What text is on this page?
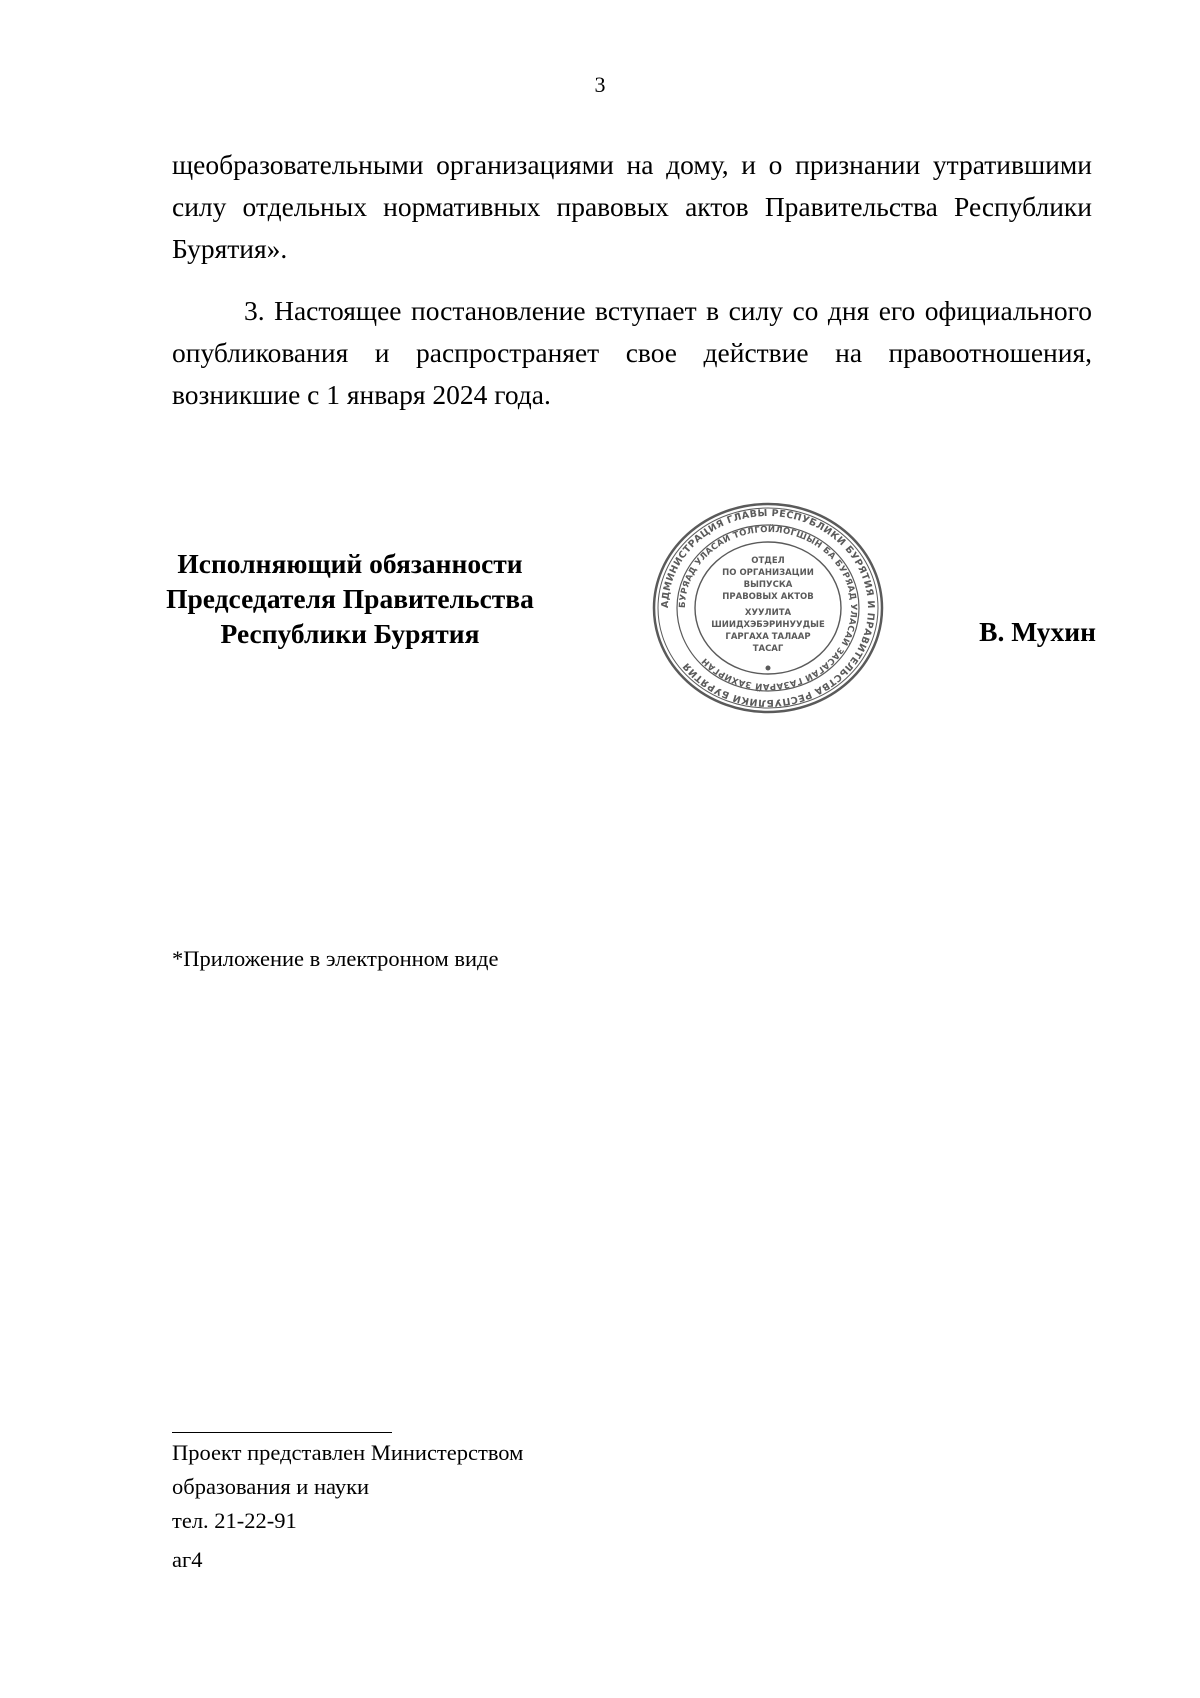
3

щеобразовательными организациями на дому, и о признании утратившими силу отдельных нормативных правовых актов Правительства Республики Бурятия».

3. Настоящее постановление вступает в силу со дня его официального опубликования и распространяет свое действие на правоотношения, возникшие с 1 января 2024 года.

Исполняющий обязанности
Председателя Правительства
Республики Бурятия
АДМИНИСТРАЦИЯ ГЛАВЫ РЕСПУБЛИКИ БУРЯТИЯ И ПРАВИТЕЛЬСТВА РЕСПУБЛИКИ БУРЯТИЯ
БУРЯАД УЛАСАЙ ТОЛГОЙЛОГШЫН БА БУРЯАД УЛАСАЙ ЗАСАГАЙ ГАЗАРАЙ ЗАХИРГАН
ОТДЕЛ
ПО ОРГАНИЗАЦИИ
ВЫПУСКА
ПРАВОВЫХ АКТОВ
ХУУЛИТА
ШИИДХЭБЭРИНУУДЫЕ
ГАРГАХА ТАЛААР
ТАСАГ
В. Мухин
*Приложение в электронном виде
Проект представлен Министерством
образования и науки
тел. 21-22-91
аг4
